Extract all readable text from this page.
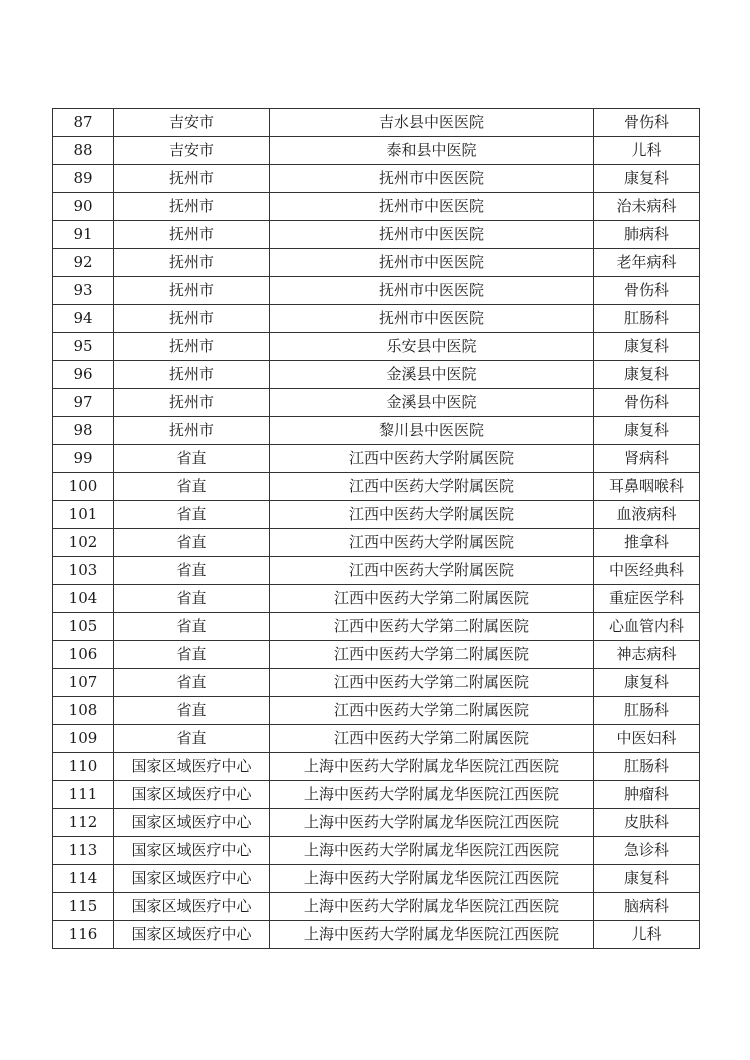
87	吉安市	吉水县中医医院	骨伤科
88	吉安市	泰和县中医院	儿科
89	抚州市	抚州市中医医院	康复科
90	抚州市	抚州市中医医院	治未病科
91	抚州市	抚州市中医医院	肺病科
92	抚州市	抚州市中医医院	老年病科
93	抚州市	抚州市中医医院	骨伤科
94	抚州市	抚州市中医医院	肛肠科
95	抚州市	乐安县中医院	康复科
96	抚州市	金溪县中医院	康复科
97	抚州市	金溪县中医院	骨伤科
98	抚州市	黎川县中医医院	康复科
99	省直	江西中医药大学附属医院	肾病科
100	省直	江西中医药大学附属医院	耳鼻咽喉科
101	省直	江西中医药大学附属医院	血液病科
102	省直	江西中医药大学附属医院	推拿科
103	省直	江西中医药大学附属医院	中医经典科
104	省直	江西中医药大学第二附属医院	重症医学科
105	省直	江西中医药大学第二附属医院	心血管内科
106	省直	江西中医药大学第二附属医院	神志病科
107	省直	江西中医药大学第二附属医院	康复科
108	省直	江西中医药大学第二附属医院	肛肠科
109	省直	江西中医药大学第二附属医院	中医妇科
110	国家区域医疗中心	上海中医药大学附属龙华医院江西医院	肛肠科
111	国家区域医疗中心	上海中医药大学附属龙华医院江西医院	肿瘤科
112	国家区域医疗中心	上海中医药大学附属龙华医院江西医院	皮肤科
113	国家区域医疗中心	上海中医药大学附属龙华医院江西医院	急诊科
114	国家区域医疗中心	上海中医药大学附属龙华医院江西医院	康复科
115	国家区域医疗中心	上海中医药大学附属龙华医院江西医院	脑病科
116	国家区域医疗中心	上海中医药大学附属龙华医院江西医院	儿科
